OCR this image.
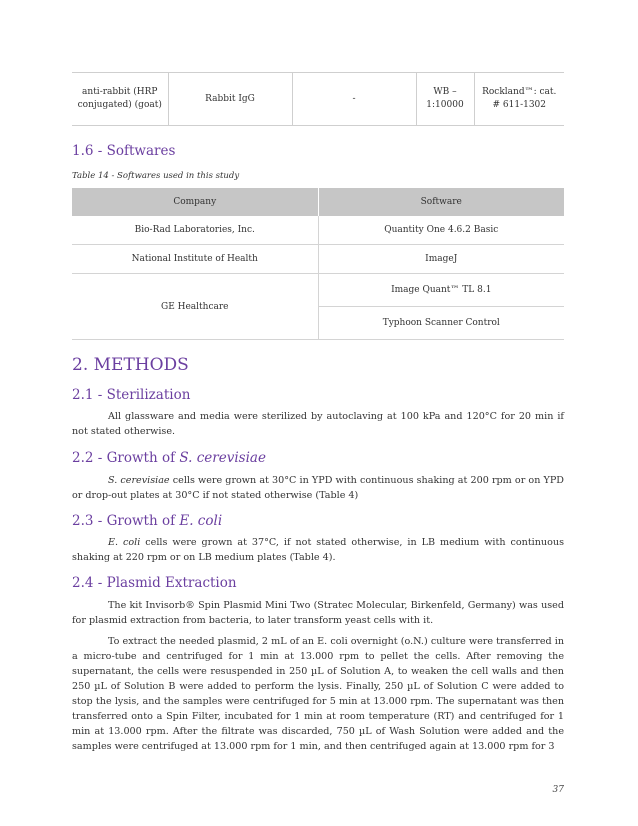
anti-rabbit (HRP conjugated) (goat)	Rabbit IgG	-	WB – 1:10000	Rockland™: cat. # 611-1302
1.6 - Softwares
Table 14 - Softwares used in this study
Company	Software
Bio-Rad Laboratories, Inc.	Quantity One 4.6.2 Basic
National Institute of Health	ImageJ
GE Healthcare	Image Quant™ TL 8.1
	Typhoon Scanner Control
2. METHODS
2.1 - Sterilization

All glassware and media were sterilized by autoclaving at 100 kPa and 120°C for 20 min if not stated otherwise.

2.2 - Growth of S. cerevisiae

S. cerevisiae cells were grown at 30°C in YPD with continuous shaking at 200 rpm or on YPD or drop-out plates at 30°C if not stated otherwise (Table 4)

2.3 - Growth of E. coli

E. coli cells were grown at 37°C, if not stated otherwise, in LB medium with continuous shaking at 220 rpm or on LB medium plates (Table 4).

2.4 - Plasmid Extraction

The kit Invisorb® Spin Plasmid Mini Two (Stratec Molecular, Birkenfeld, Germany) was used for plasmid extraction from bacteria, to later transform yeast cells with it.

To extract the needed plasmid, 2 mL of an E. coli overnight (o.N.) culture were transferred in a micro-tube and centrifuged for 1 min at 13.000 rpm to pellet the cells. After removing the supernatant, the cells were resuspended in 250 µL of Solution A, to weaken the cell walls and then 250 µL of Solution B were added to perform the lysis. Finally, 250 µL of Solution C were added to stop the lysis, and the samples were centrifuged for 5 min at 13.000 rpm. The supernatant was then transferred onto a Spin Filter, incubated for 1 min at room temperature (RT) and centrifuged for 1 min at 13.000 rpm. After the filtrate was discarded, 750 µL of Wash Solution were added and the samples were centrifuged at 13.000 rpm for 1 min, and then centrifuged again at 13.000 rpm for 3

37
